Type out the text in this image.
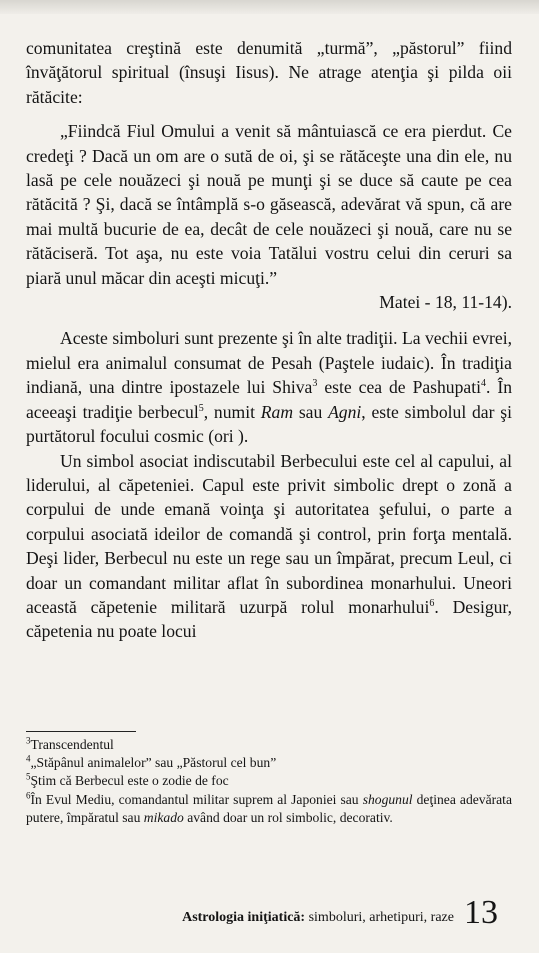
comunitatea creştină este denumită „turmă”, „păstorul” fiind învăţătorul spiritual (însuşi Iisus). Ne atrage atenţia şi pilda oii rătăcite:

„Fiindcă Fiul Omului a venit să mântuiască ce era pierdut. Ce credeţi ? Dacă un om are o sută de oi, şi se rătăceşte una din ele, nu lasă pe cele nouăzeci şi nouă pe munţi şi se duce să caute pe cea rătăcită ? Şi, dacă se întâmplă s-o găsească, adevărat vă spun, că are mai multă bucurie de ea, decât de cele nouăzeci şi nouă, care nu se rătăciseră. Tot aşa, nu este voia Tatălui vostru celui din ceruri sa piară unul măcar din aceşti micuţi.”

Matei - 18, 11-14).

Aceste simboluri sunt prezente şi în alte tradiţii. La vechii evrei, mielul era animalul consumat de Pesah (Paştele iudaic). În tradiţia indiană, una dintre ipostazele lui Shiva$^3$ este cea de Pashupati$^4$. În aceeaşi tradiţie berbecul$^5$, numit Ram sau Agni, este simbolul dar şi purtătorul focului cosmic (ori ).

Un simbol asociat indiscutabil Berbecului este cel al capului, al liderului, al căpeteniei. Capul este privit simbolic drept o zonă a corpului de unde emană voinţa şi autoritatea şefului, o parte a corpului asociată ideilor de comandă şi control, prin forţa mentală. Deşi lider, Berbecul nu este un rege sau un împărat, precum Leul, ci doar un comandant militar aflat în subordinea monarhului. Uneori această căpetenie militară uzurpă rolul monarhului$^6$. Desigur, căpetenia nu poate locui

$^3$Transcendentul

$^4$„Stăpânul animalelor” sau „Păstorul cel bun”

$^5$Ştim că Berbecul este o zodie de foc

$^6$În Evul Mediu, comandantul militar suprem al Japoniei sau shogunul deţinea adevărata putere, împăratul sau mikado având doar un rol simbolic, decorativ.

Astrologia iniţiatică: simboluri, arhetipuri, raze 13
